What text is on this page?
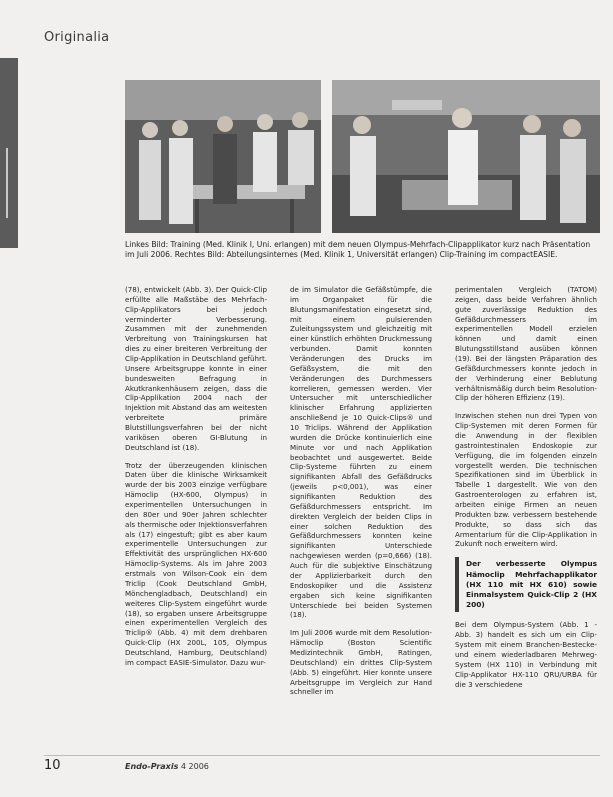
Originalia
Linkes Bild: Training (Med. Klinik I, Uni. erlangen) mit dem neuen Olympus-Mehrfach-Clipapplikator kurz nach Präsentation im Juli 2006. Rechtes Bild: Abteilungsinternes (Med. Klinik 1, Universität erlangen) Clip-Training im compactEASIE.

(78), entwickelt (Abb. 3). Der Quick-Clip erfüllte alle Maßstäbe des Mehrfach-Clip-Applikators bei jedoch verminderter Verbesserung. Zusammen mit der zunehmenden Verbreitung von Trainingskursen hat dies zu einer breiteren Verbreitung der Clip-Applikation in Deutschland geführt. Unsere Arbeitsgruppe konnte in einer bundesweiten Befragung in Akutkrankenhäusern zeigen, dass die Clip-Applikation 2004 nach der Injektion mit Abstand das am weitesten verbreitete primäre Blutstillungsverfahren bei der nicht varikösen oberen GI-Blutung in Deutschland ist (18).

Trotz der überzeugenden klinischen Daten über die klinische Wirksamkeit wurde der bis 2003 einzige verfügbare Hämoclip (HX-600, Olympus) in experimentellen Untersuchungen in den 80er und 90er Jahren schlechter als thermische oder Injektionsverfahren als (17) eingestuft; gibt es aber kaum experimentelle Untersuchungen zur Effektivität des ursprünglichen HX-600 Hämoclip-Systems. Als im Jahre 2003 erstmals von Wilson-Cook ein dem Triclip (Cook Deutschland GmbH, Mönchengladbach, Deutschland) ein weiteres Clip-System eingeführt wurde (18), so ergaben unsere Arbeitsgruppe einen experimentellen Vergleich des Triclip® (Abb. 4) mit dem drehbaren Quick-Clip (HX 200L, 105, Olympus Deutschland, Hamburg, Deutschland) im compact EASIE-Simulator. Dazu wur-

de im Simulator die Gefäßstümpfe, die im Organpaket für die Blutungsmanifestation eingesetzt sind, mit einem pulsierenden Zuleitungssystem und gleichzeitig mit einer künstlich erhöhten Druckmessung verbunden. Damit konnten Veränderungen des Drucks im Gefäßsystem, die mit den Veränderungen des Durchmessers korrelieren, gemessen werden. Vier Untersucher mit unterschiedlicher klinischer Erfahrung applizierten anschließend je 10 Quick-Clips® und 10 Triclips. Während der Applikation wurden die Drücke kontinuierlich eine Minute vor und nach Applikation beobachtet und ausgewertet. Beide Clip-Systeme führten zu einem signifikanten Abfall des Gefäßdrucks (jeweils p<0,001), was einer signifikanten Reduktion des Gefäßdurchmessers entspricht. Im direkten Vergleich der beiden Clips in einer solchen Reduktion des Gefäßdurchmessers konnten keine signifikanten Unterschiede nachgewiesen werden (p=0,666) (18). Auch für die subjektive Einschätzung der Applizierbarkeit durch den Endoskopiker und die Assistenz ergaben sich keine signifikanten Unterschiede bei beiden Systemen (18).

Im Juli 2006 wurde mit dem Resolution-Hämoclip (Boston Scientific Medizintechnik GmbH, Ratingen, Deutschland) ein drittes Clip-System (Abb. 5) eingeführt. Hier konnte unsere Arbeitsgruppe im Vergleich zur Hand schneller im

perimentalen Vergleich (TATOM) zeigen, dass beide Verfahren ähnlich gute zuverlässige Reduktion des Gefäßdurchmessers im experimentellen Modell erzielen können und damit einen Blutungsstillstand ausüben können (19). Bei der längsten Präparation des Gefäßdurchmessers konnte jedoch in der Verhinderung einer Beblutung verhältnismäßig durch beim Resolution-Clip der höheren Effizienz (19).

Inzwischen stehen nun drei Typen von Clip-Systemen mit deren Formen für die Anwendung in der flexiblen gastrointestinalen Endoskopie zur Verfügung, die im folgenden einzeln vorgestellt werden. Die technischen Spezifikationen sind im Überblick in Tabelle 1 dargestellt. Wie von den Gastroenterologen zu erfahren ist, arbeiten einige Firmen an neuen Produkten bzw. verbessern bestehende Produkte, so dass sich das Armentarium für die Clip-Applikation in Zukunft noch erweitern wird.

Der verbesserte Olympus Hämoclip Mehrfachapplikator (HX 110 mit HX 610) sowie Einmalsystem Quick-Clip 2 (HX 200)

Bei dem Olympus-System (Abb. 1 - Abb. 3) handelt es sich um ein Clip-System mit einem Branchen-Bestecke- und einem wiederladbaren Mehrweg-System (HX 110) in Verbindung mit Clip-Applikator HX-110 QRU/URBA für die 3 verschiedene

10	Endo-Praxis 4 2006
